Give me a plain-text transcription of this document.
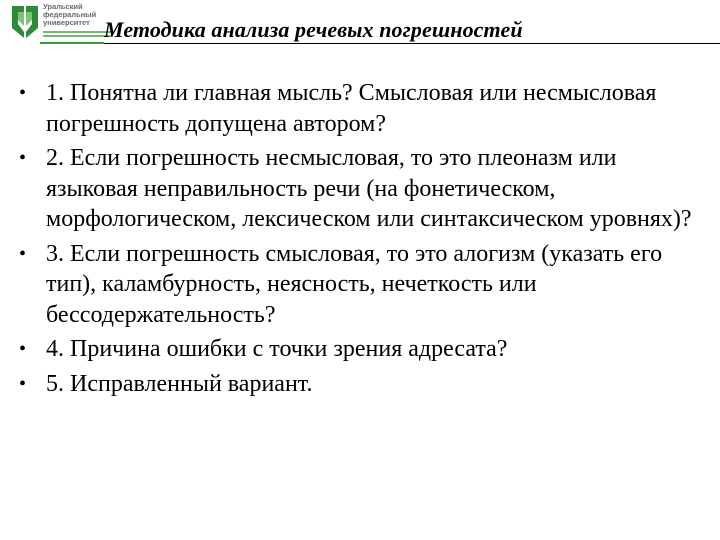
Уральский
федеральный
университет Методика анализа речевых погрешностей
• 1. Понятна ли главная мысль? Смысловая или несмысловая погрешность допущена автором?
• 2. Если погрешность несмысловая, то это плеоназм или языковая неправильность речи (на фонетическом, морфологическом, лексическом или синтаксическом уровнях)?
• 3. Если погрешность смысловая, то это алогизм (указать его тип), каламбурность, неясность, нечеткость или бессодержательность?
• 4. Причина ошибки с точки зрения адресата?
• 5. Исправленный вариант.
